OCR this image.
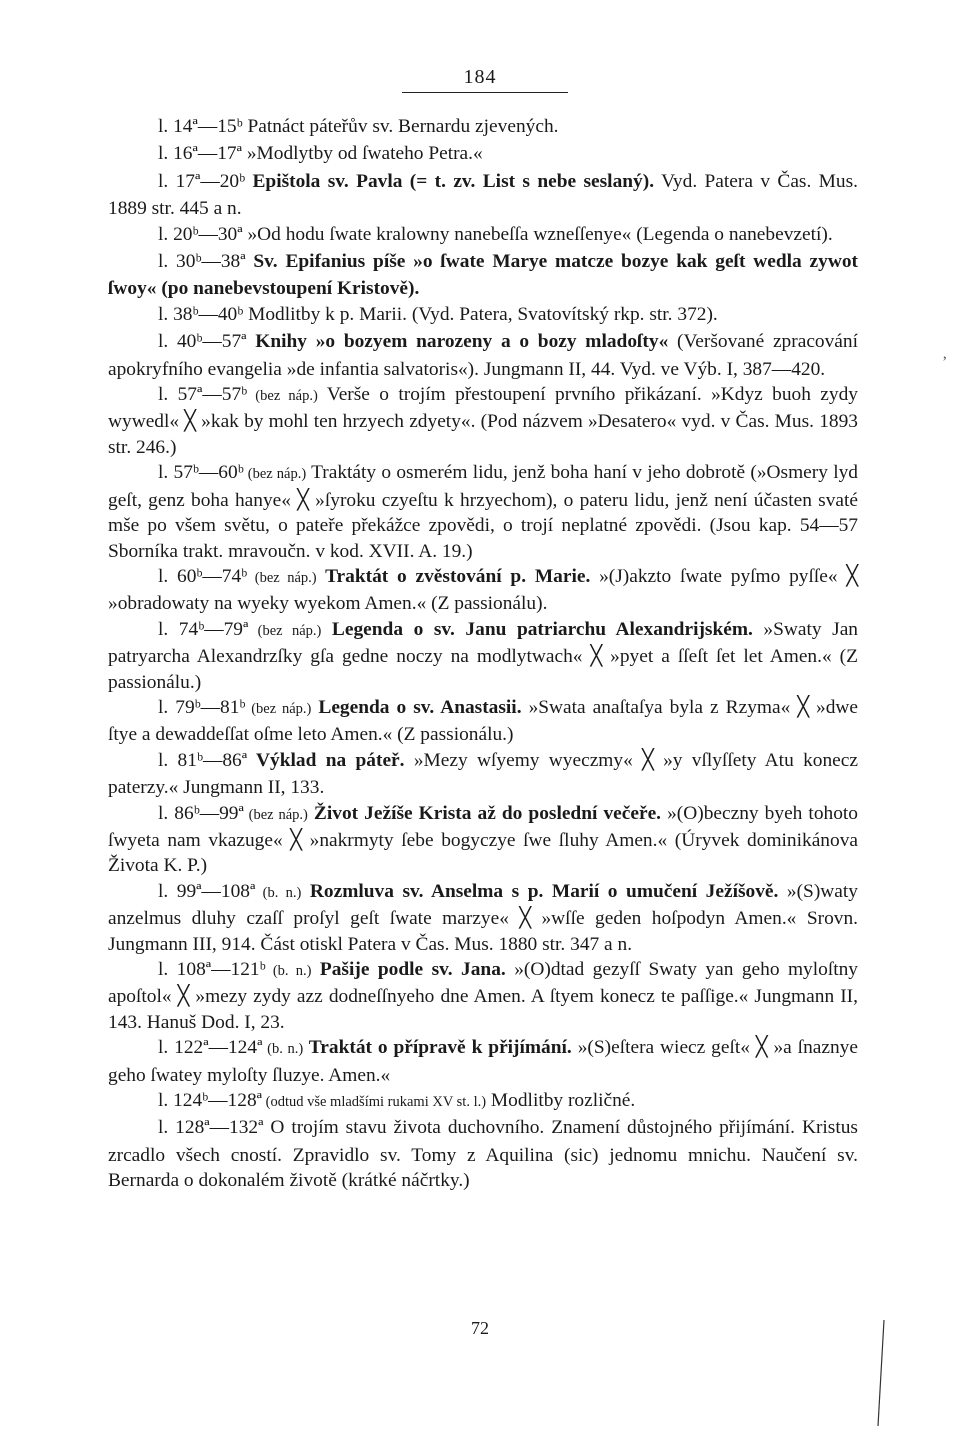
184

l. 14ª—15ᵇ Patnáct páteřův sv. Bernardu zjevených.

l. 16ª—17ª »Modlytby od ſwateho Petra.«

l. 17ª—20ᵇ Epištola sv. Pavla (= t. zv. List s nebe seslaný). Vyd. Patera v Čas. Mus. 1889 str. 445 a n.

l. 20ᵇ—30ª »Od hodu ſwate kralowny nanebeſſa wzneſſenye« (Legenda o nanebevzetí).

l. 30ᵇ—38ª Sv. Epifanius píše »o ſwate Marye matcze bozye kak geſt wedla zywot ſwoy« (po nanebevstoupení Kristově).

l. 38ᵇ—40ᵇ Modlitby k p. Marii. (Vyd. Patera, Svatovítský rkp. str. 372).

l. 40ᵇ—57ª Knihy »o bozyem narozeny a o bozy mladoſty« (Veršované zpracování apokryfního evangelia »de infantia salvatoris«). Jungmann II, 44. Vyd. ve Výb. I, 387—420.

l. 57ª—57ᵇ (bez náp.) Verše o trojím přestoupení prvního přikázaní. »Kdyz buoh zydy wywedl« ╳ »kak by mohl ten hrzyech zdyety«. (Pod názvem »Desatero« vyd. v Čas. Mus. 1893 str. 246.)

l. 57ᵇ—60ᵇ (bez náp.) Traktáty o osmerém lidu, jenž boha haní v jeho dobrotě (»Osmery lyd geſt, genz boha hanye« ╳ »ſyroku czyeſtu k hrzyechom), o pateru lidu, jenž není účasten svaté mše po všem světu, o pateře překážce zpovědi, o trojí neplatné zpovědi. (Jsou kap. 54—57 Sborníka trakt. mravoučn. v kod. XVII. A. 19.)

l. 60ᵇ—74ᵇ (bez náp.) Traktát o zvěstování p. Marie. »(J)akzto ſwate pyſmo pyſſe« ╳ »obradowaty na wyeky wyekom Amen.« (Z passionálu).

l. 74ᵇ—79ª (bez náp.) Legenda o sv. Janu patriarchu Alexandrijském. »Swaty Jan patryarcha Alexandrzſky gſa gedne noczy na modlytwach« ╳ »pyet a ſſeſt ſet let Amen.« (Z passionálu.)

l. 79ᵇ—81ᵇ (bez náp.) Legenda o sv. Anastasii. »Swata anaſtaſya byla z Rzyma« ╳ »dwe ſtye a dewaddeſſat oſme leto Amen.« (Z passionálu.)

l. 81ᵇ—86ª Výklad na páteř. »Mezy wſyemy wyeczmy« ╳ »y vſlyſſety Atu konecz paterzy.« Jungmann II, 133.

l. 86ᵇ—99ª (bez náp.) Život Ježíše Krista až do poslední večeře. »(O)beczny byeh tohoto ſwyeta nam vkazuge« ╳ »nakrmyty ſebe bogyczye ſwe ſluhy Amen.« (Úryvek dominikánova Života K. P.)

l. 99ª—108ª (b. n.) Rozmluva sv. Anselma s p. Marií o umučení Ježíšově. »(S)waty anzelmus dluhy czaſſ proſyl geſt ſwate marzye« ╳ »wſſe geden hoſpodyn Amen.« Srovn. Jungmann III, 914. Část otiskl Patera v Čas. Mus. 1880 str. 347 a n.

l. 108ª—121ᵇ (b. n.) Pašije podle sv. Jana. »(O)dtad gezyſſ Swaty yan geho myloſtny apoſtol« ╳ »mezy zydy azz dodneſſnyeho dne Amen. A ſtyem konecz te paſſige.« Jungmann II, 143. Hanuš Dod. I, 23.

l. 122ª—124ª (b. n.) Traktát o přípravě k přijímání. »(S)eſtera wiecz geſt« ╳ »a ſnaznye geho ſwatey myloſty ſluzye. Amen.«

l. 124ᵇ—128ª (odtud vše mladšími rukami XV st. l.) Modlitby rozličné.

l. 128ª—132ª O trojím stavu života duchovního. Znamení důstojného přijímání. Kristus zrcadlo všech cností. Zpravidlo sv. Tomy z Aquilina (sic) jednomu mnichu. Naučení sv. Bernarda o dokonalém životě (krátké náčrtky.)

’
72
